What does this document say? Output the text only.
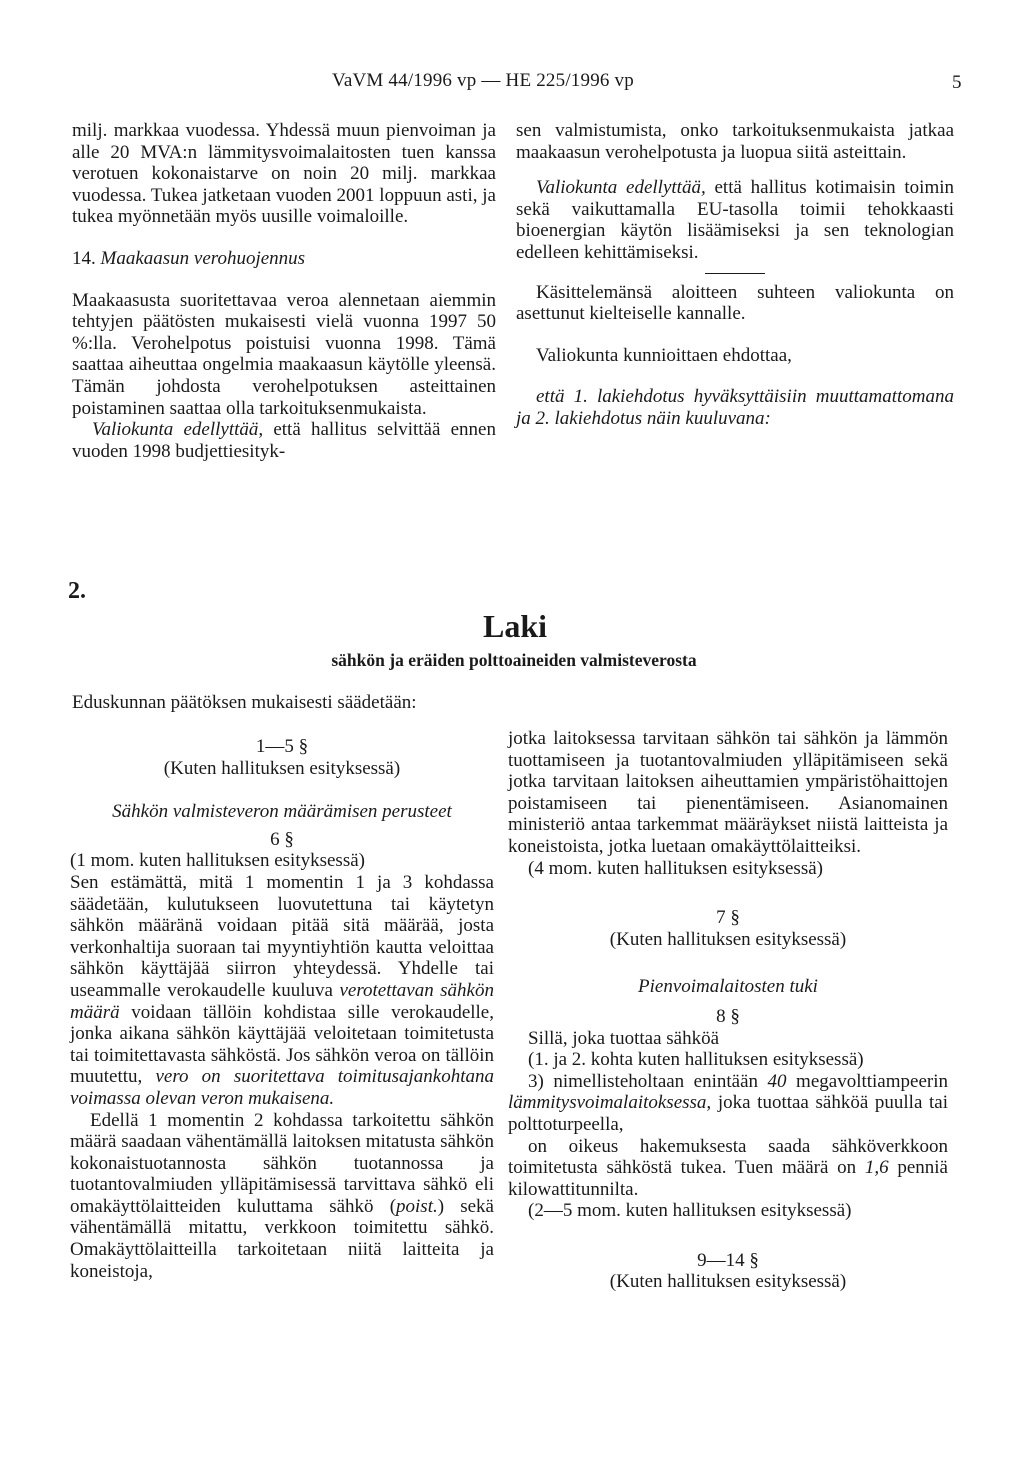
VaVM 44/1996 vp — HE 225/1996 vp	5

milj. markkaa vuodessa. Yhdessä muun pienvoiman ja alle 20 MVA:n lämmitysvoimalaitosten tuen kanssa verotuen kokonaistarve on noin 20 milj. markkaa vuodessa. Tukea jatketaan vuoden 2001 loppuun asti, ja tukea myönnetään myös uusille voimaloille.

14. Maakaasun verohuojennus

Maakaasusta suoritettavaa veroa alennetaan aiemmin tehtyjen päätösten mukaisesti vielä vuonna 1997 50 %:lla. Verohelpotus poistuisi vuonna 1998. Tämä saattaa aiheuttaa ongelmia maakaasun käytölle yleensä. Tämän johdosta verohelpotuksen asteittainen poistaminen saattaa olla tarkoituksenmukaista.

Valiokunta edellyttää, että hallitus selvittää ennen vuoden 1998 budjettiesityk-

sen valmistumista, onko tarkoituksenmukaista jatkaa maakaasun verohelpotusta ja luopua siitä asteittain.

Valiokunta edellyttää, että hallitus kotimaisin toimin sekä vaikuttamalla EU-tasolla toimii tehokkaasti bioenergian käytön lisäämiseksi ja sen teknologian edelleen kehittämiseksi.

Käsittelemänsä aloitteen suhteen valiokunta on asettunut kielteiselle kannalle.

Valiokunta kunnioittaen ehdottaa,

että 1. lakiehdotus hyväksyttäisiin muuttamattomana ja 2. lakiehdotus näin kuuluvana:

2.
Laki
sähkön ja eräiden polttoaineiden valmisteverosta
Eduskunnan päätöksen mukaisesti säädetään:

1—5 §

(Kuten hallituksen esityksessä)

Sähkön valmisteveron määrämisen perusteet

6 §

(1 mom. kuten hallituksen esityksessä)

Sen estämättä, mitä 1 momentin 1 ja 3 kohdassa säädetään, kulutukseen luovutettuna tai käytetyn sähkön määränä voidaan pitää sitä määrää, josta verkonhaltija suoraan tai myyntiyhtiön kautta veloittaa sähkön käyttäjää siirron yhteydessä. Yhdelle tai useammalle verokaudelle kuuluva verotettavan sähkön määrä voidaan tällöin kohdistaa sille verokaudelle, jonka aikana sähkön käyttäjää veloitetaan toimitetusta tai toimitettavasta sähköstä. Jos sähkön veroa on tällöin muutettu, vero on suoritettava toimitusajankohtana voimassa olevan veron mukaisena.

Edellä 1 momentin 2 kohdassa tarkoitettu sähkön määrä saadaan vähentämällä laitoksen mitatusta sähkön kokonaistuotannosta sähkön tuotannossa ja tuotantovalmiuden ylläpitämisessä tarvittava sähkö eli omakäyttölaitteiden kuluttama sähkö (poist.) sekä vähentämällä mitattu, verkkoon toimitettu sähkö. Omakäyttölaitteilla tarkoitetaan niitä laitteita ja koneistoja,

jotka laitoksessa tarvitaan sähkön tai sähkön ja lämmön tuottamiseen ja tuotantovalmiuden ylläpitämiseen sekä jotka tarvitaan laitoksen aiheuttamien ympäristöhaittojen poistamiseen tai pienentämiseen. Asianomainen ministeriö antaa tarkemmat määräykset niistä laitteista ja koneistoista, jotka luetaan omakäyttölaitteiksi.

(4 mom. kuten hallituksen esityksessä)

7 §

(Kuten hallituksen esityksessä)

Pienvoimalaitosten tuki

8 §

Sillä, joka tuottaa sähköä

(1. ja 2. kohta kuten hallituksen esityksessä)

3) nimellisteholtaan enintään 40 megavolttiampeerin lämmitysvoimalaitoksessa, joka tuottaa sähköä puulla tai polttoturpeella,

on oikeus hakemuksesta saada sähköverkkoon toimitetusta sähköstä tukea. Tuen määrä on 1,6 penniä kilowattitunnilta.

(2—5 mom. kuten hallituksen esityksessä)

9—14 §

(Kuten hallituksen esityksessä)
